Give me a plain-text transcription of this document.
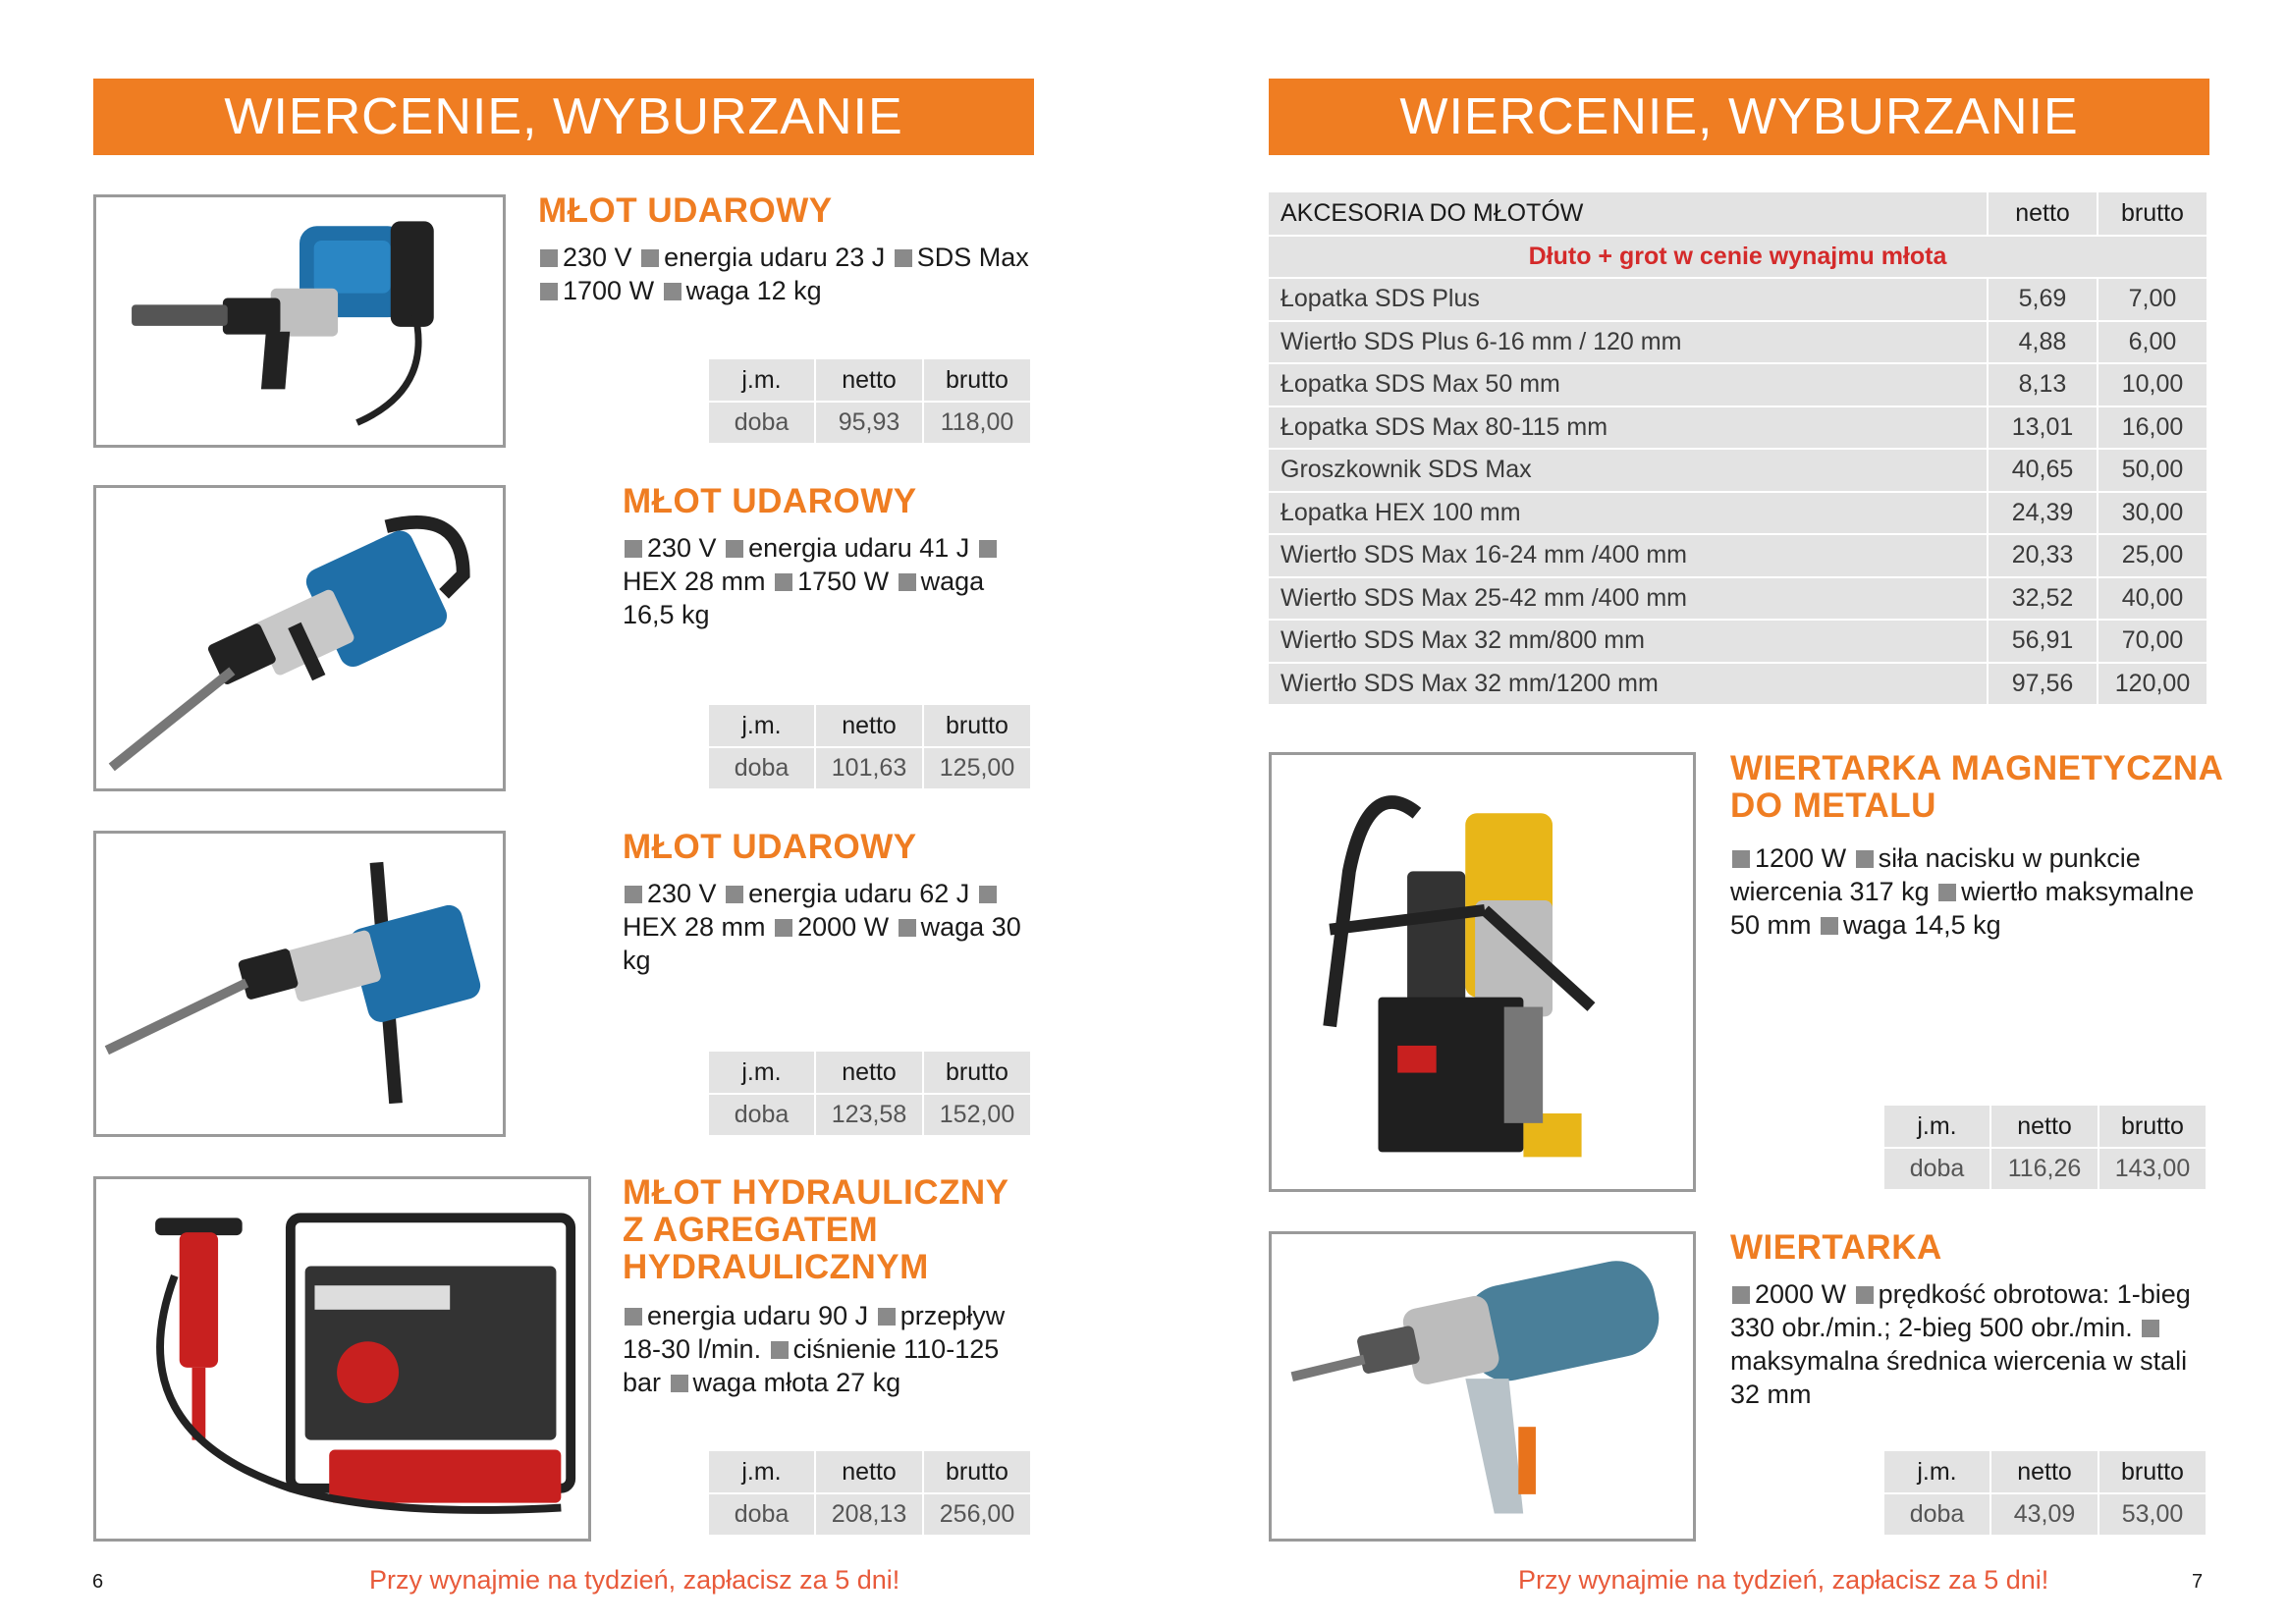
WIERCENIE, WYBURZANIE
MŁOT UDAROWY
230 V energia udaru 23 J SDS Max
1700 W waga 12 kg
j.m.	netto	brutto
doba	95,93	118,00
MŁOT UDAROWY
230 V energia udaru 41 J HEX 28 mm 1750 W waga 16,5 kg
j.m.	netto	brutto
doba	101,63	125,00
MŁOT UDAROWY
230 V energia udaru 62 J HEX 28 mm 2000 W waga 30 kg
j.m.	netto	brutto
doba	123,58	152,00
MŁOT HYDRAULICZNY
Z AGREGATEM
HYDRAULICZNYM
energia udaru 90 J przepływ 18-30 l/min. ciśnienie 110-125 bar waga młota 27 kg
j.m.	netto	brutto
doba	208,13	256,00
6	Przy wynajmie na tydzień, zapłacisz za 5 dni!
WIERCENIE, WYBURZANIE
AKCESORIA DO MŁOTÓW	netto	brutto
Dłuto + grot w cenie wynajmu młota		
Łopatka SDS Plus	5,69	7,00
Wiertło SDS Plus 6-16 mm / 120 mm	4,88	6,00
Łopatka SDS Max 50 mm	8,13	10,00
Łopatka SDS Max 80-115 mm	13,01	16,00
Groszkownik SDS Max	40,65	50,00
Łopatka HEX 100 mm	24,39	30,00
Wiertło SDS Max 16-24 mm /400 mm	20,33	25,00
Wiertło SDS Max 25-42 mm /400 mm	32,52	40,00
Wiertło SDS Max 32 mm/800 mm	56,91	70,00
Wiertło SDS Max 32 mm/1200 mm	97,56	120,00
WIERTARKA MAGNETYCZNA
DO METALU
1200 W siła nacisku w punkcie wiercenia 317 kg wiertło maksymalne 50 mm waga 14,5 kg
j.m.	netto	brutto
doba	116,26	143,00
WIERTARKA
2000 W prędkość obrotowa: 1-bieg 330 obr./min.; 2-bieg 500 obr./min. maksymalna średnica wiercenia w stali 32 mm
j.m.	netto	brutto
doba	43,09	53,00
Przy wynajmie na tydzień, zapłacisz za 5 dni!	7
